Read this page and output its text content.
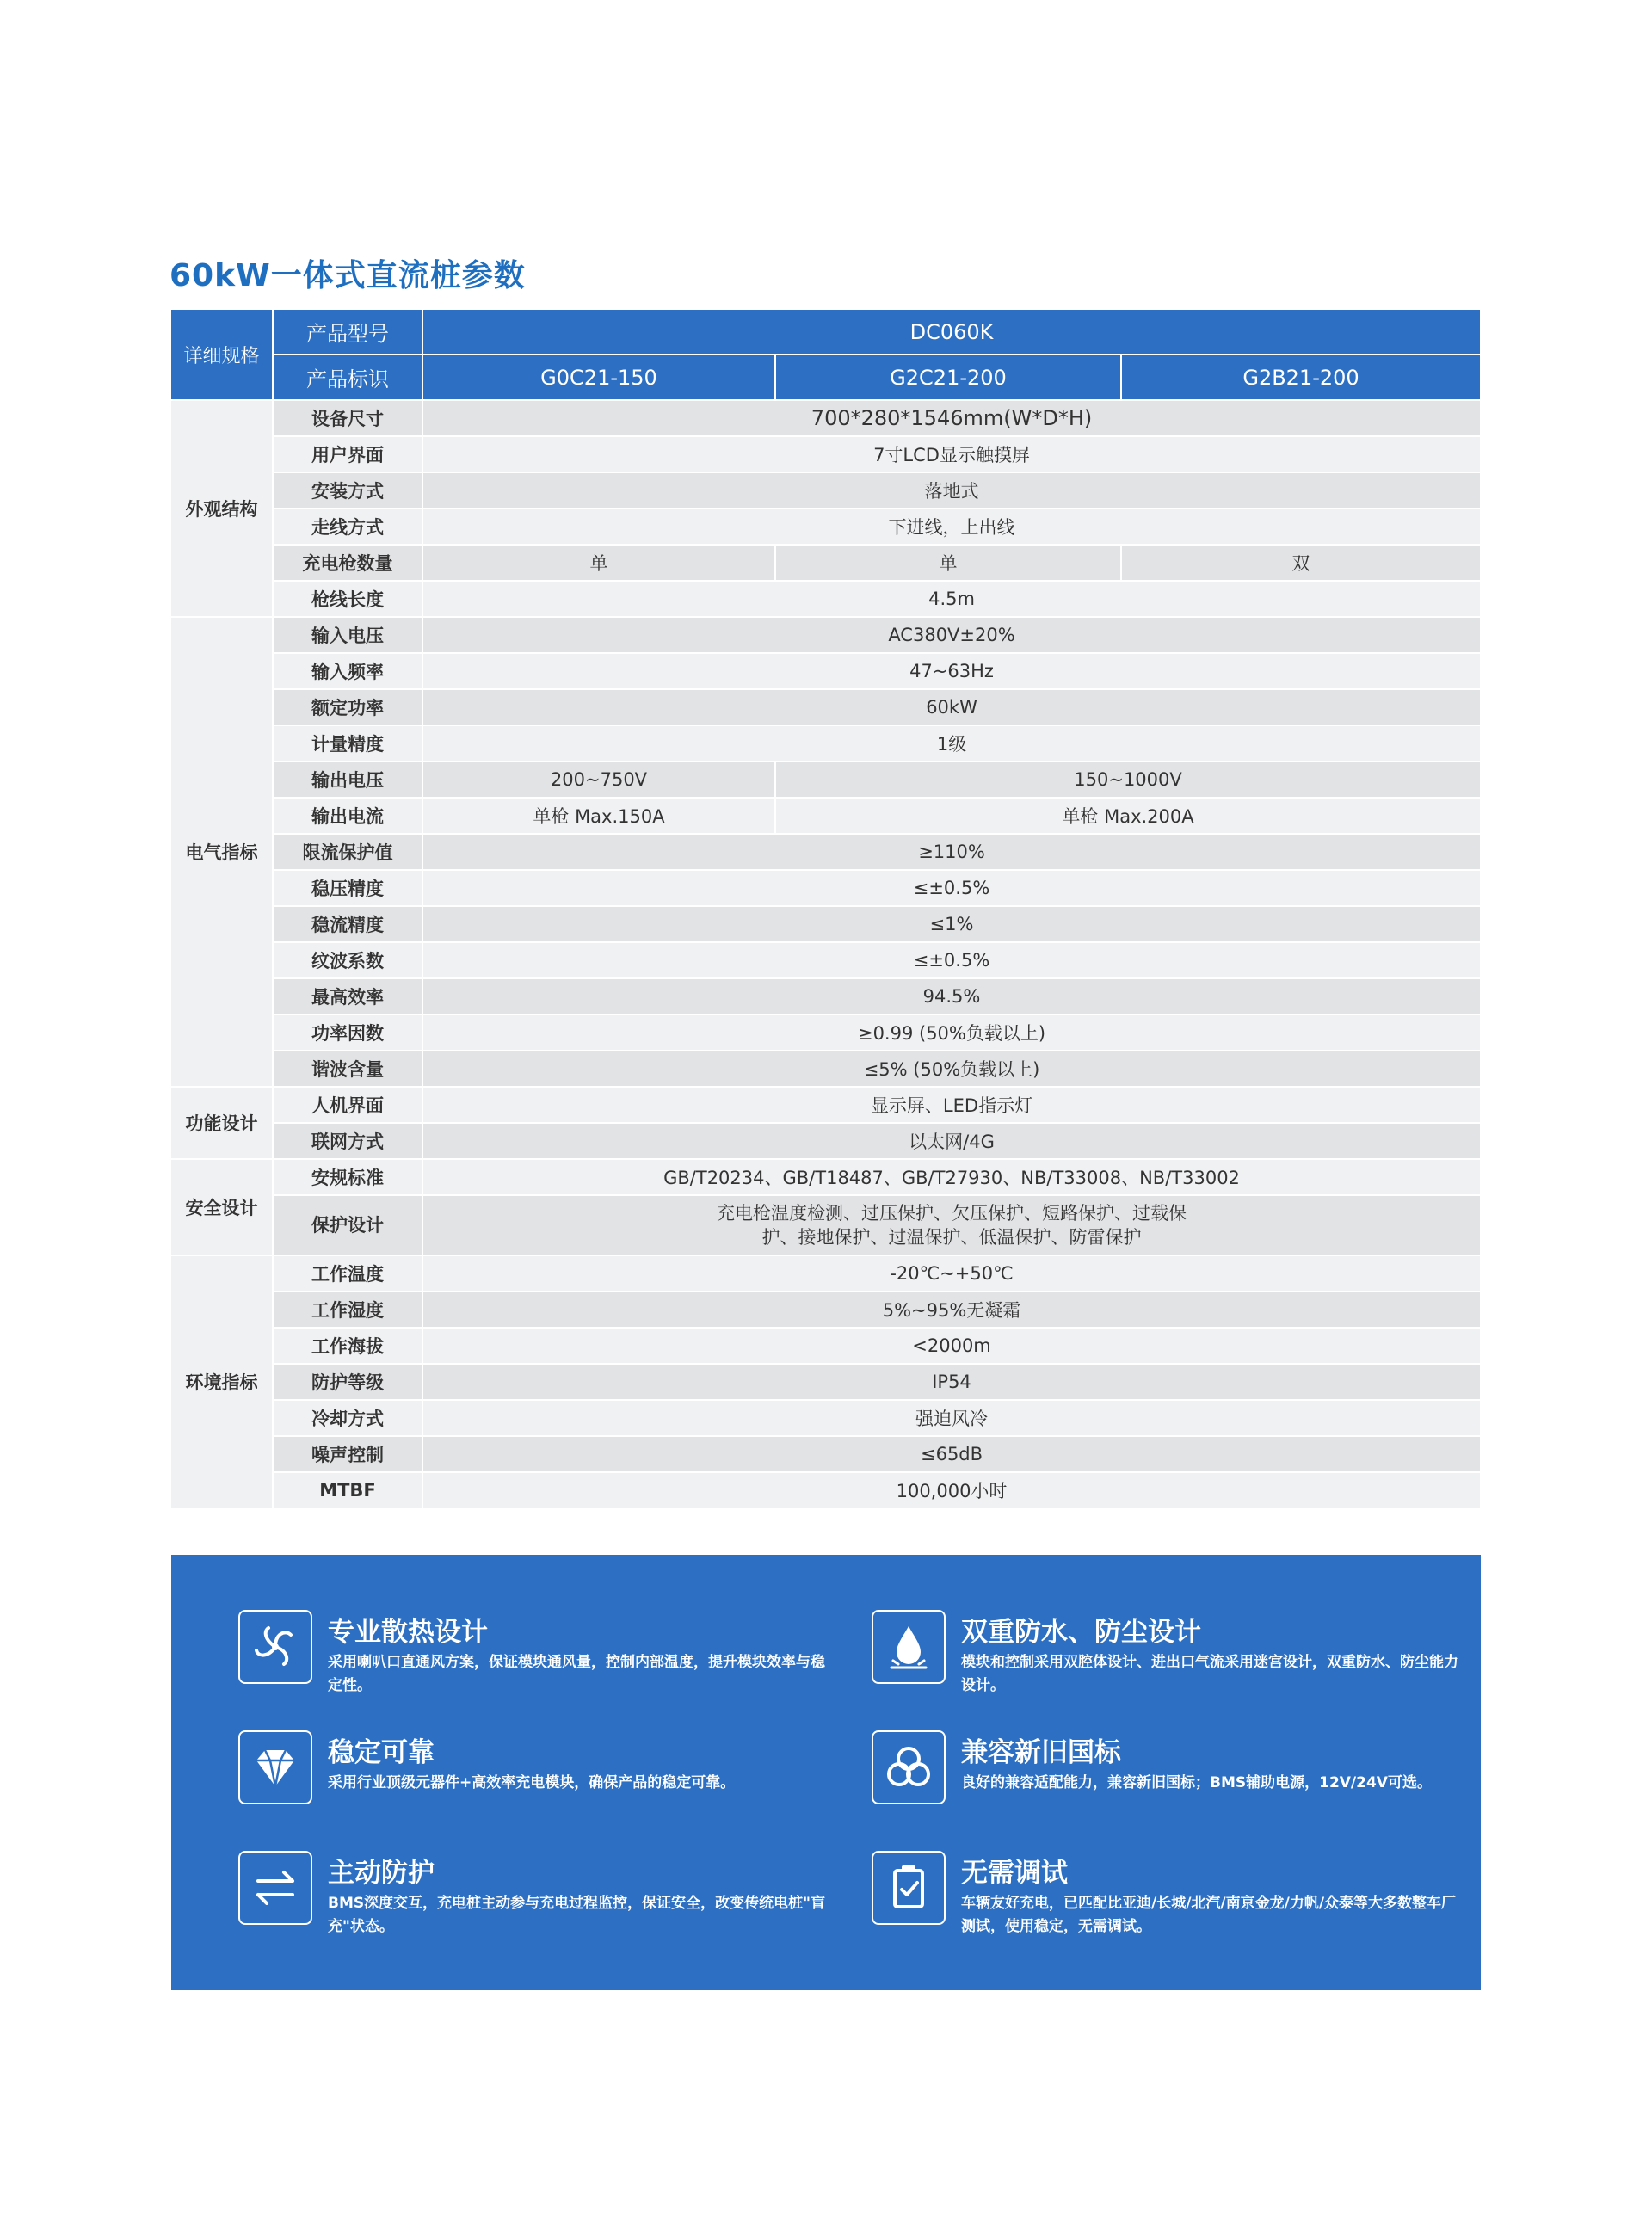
60kW一体式直流桩参数
详细规格	产品型号	DC060K		
	产品标识	G0C21-150	G2C21-200	G2B21-200
外观结构	设备尺寸	700*280*1546mm(W*D*H)		
	用户界面	7寸LCD显示触摸屏		
	安装方式	落地式		
	走线方式	下进线，上出线		
	充电枪数量	单	单	双
	枪线长度	4.5m		
电气指标	输入电压	AC380V±20%		
	输入频率	47~63Hz		
	额定功率	60kW		
	计量精度	1级		
	输出电压	200~750V	150~1000V	
	输出电流	单枪 Max.150A	单枪 Max.200A	
	限流保护值	≥110%		
	稳压精度	≤±0.5%		
	稳流精度	≤1%		
	纹波系数	≤±0.5%		
	最高效率	94.5%		
	功率因数	≥0.99 (50%负载以上)		
	谐波含量	≤5% (50%负载以上)		
功能设计	人机界面	显示屏、LED指示灯		
	联网方式	以太网/4G		
安全设计	安规标准	GB/T20234、GB/T18487、GB/T27930、NB/T33008、NB/T33002		
	保护设计	充电枪温度检测、过压保护、欠压保护、短路保护、过载保护、接地保护、过温保护、低温保护、防雷保护		
环境指标	工作温度	-20℃~+50℃		
	工作湿度	5%~95%无凝霜		
	工作海拔	<2000m		
	防护等级	IP54		
	冷却方式	强迫风冷		
	噪声控制	≤65dB		
	MTBF	100,000小时		
专业散热设计
采用喇叭口直通风方案，保证模块通风量，控制内部温度，提升模块效率与稳定性。
双重防水、防尘设计
模块和控制采用双腔体设计、进出口气流采用迷宫设计，双重防水、防尘能力设计。
稳定可靠
采用行业顶级元器件+高效率充电模块，确保产品的稳定可靠。
兼容新旧国标
良好的兼容适配能力，兼容新旧国标；BMS辅助电源，12V/24V可选。
主动防护
BMS深度交互，充电桩主动参与充电过程监控，保证安全，改变传统电桩"盲充"状态。
无需调试
车辆友好充电，已匹配比亚迪/长城/北汽/南京金龙/力帆/众泰等大多数整车厂测试，使用稳定，无需调试。
